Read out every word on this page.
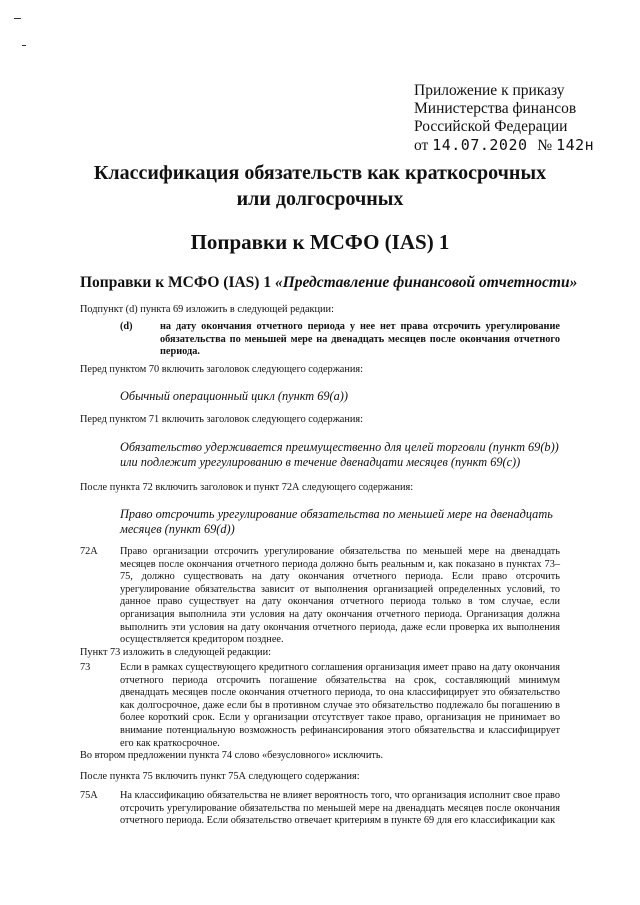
Приложение к приказу
Министерства финансов
Российской Федерации
от 14.07.2020 № 142н
Классификация обязательств как краткосрочных
или долгосрочных
Поправки к МСФО (IAS) 1
Поправки к МСФО (IAS) 1 «Представление финансовой отчетности»
Подпункт (d) пункта 69 изложить в следующей редакции:
(d)	на дату окончания отчетного периода у нее нет права отсрочить урегулирование обязательства по меньшей мере на двенадцать месяцев после окончания отчетного периода.
Перед пунктом 70 включить заголовок следующего содержания:
Обычный операционный цикл (пункт 69(a))
Перед пунктом 71 включить заголовок следующего содержания:
Обязательство удерживается преимущественно для целей торговли (пункт 69(b)) или подлежит урегулированию в течение двенадцати месяцев (пункт 69(c))
После пункта 72 включить заголовок и пункт 72А следующего содержания:
Право отсрочить урегулирование обязательства по меньшей мере на двенадцать месяцев (пункт 69(d))
72А Право организации отсрочить урегулирование обязательства по меньшей мере на двенадцать месяцев после окончания отчетного периода должно быть реальным и, как показано в пунктах 73–75, должно существовать на дату окончания отчетного периода. Если право отсрочить урегулирование обязательства зависит от выполнения организацией определенных условий, то данное право существует на дату окончания отчетного периода только в том случае, если организация выполнила эти условия на дату окончания отчетного периода. Организация должна выполнить эти условия на дату окончания отчетного периода, даже если проверка их выполнения осуществляется кредитором позднее.
Пункт 73 изложить в следующей редакции:
73	Если в рамках существующего кредитного соглашения организация имеет право на дату окончания отчетного периода отсрочить погашение обязательства на срок, составляющий минимум двенадцать месяцев после окончания отчетного периода, то она классифицирует это обязательство как долгосрочное, даже если бы в противном случае это обязательство подлежало бы погашению в более короткий срок. Если у организации отсутствует такое право, организация не принимает во внимание потенциальную возможность рефинансирования этого обязательства и классифицирует его как краткосрочное.
Во втором предложении пункта 74 слово «безусловного» исключить.
После пункта 75 включить пункт 75А следующего содержания:
75А На классификацию обязательства не влияет вероятность того, что организация исполнит свое право отсрочить урегулирование обязательства по меньшей мере на двенадцать месяцев после окончания отчетного периода. Если обязательство отвечает критериям в пункте 69 для его классификации как
